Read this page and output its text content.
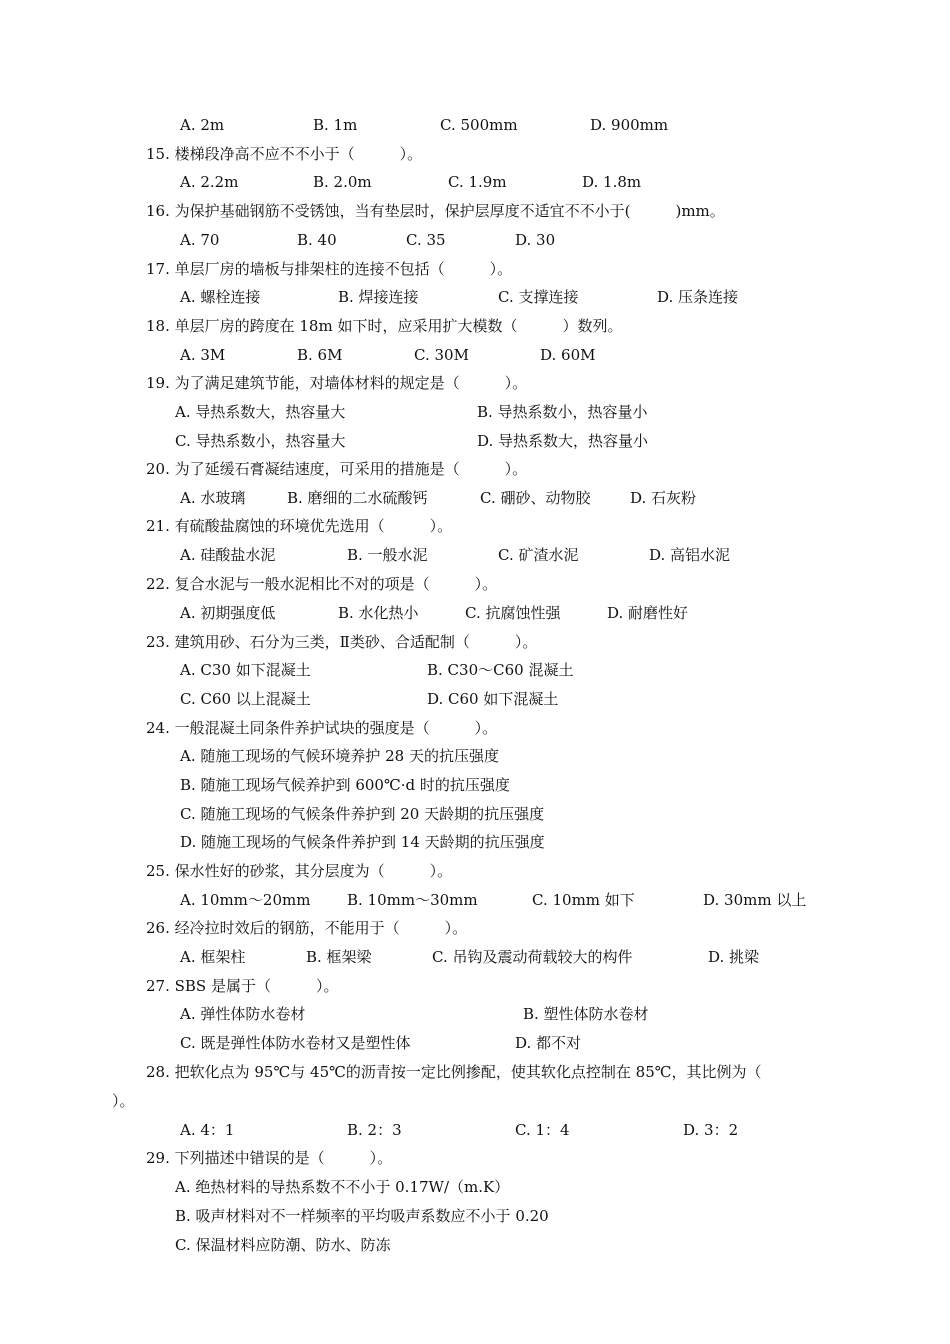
A. 2m	B. 1m	C. 500mm	D. 900mm
15. 楼梯段净高不应不不小于（　　　）。
A. 2.2m	B. 2.0m	C. 1.9m	D. 1.8m
16. 为保护基础钢筋不受锈蚀，当有垫层时，保护层厚度不适宜不不小于(　　　)mm。
A. 70	B. 40	C. 35	D. 30
17. 单层厂房的墙板与排架柱的连接不包括（　　　）。
A. 螺栓连接	B. 焊接连接	C. 支撑连接	D. 压条连接
18. 单层厂房的跨度在 18m 如下时，应采用扩大模数（　　　）数列。
A. 3M	B. 6M	C. 30M	D. 60M
19. 为了满足建筑节能，对墙体材料的规定是（　　　）。
A. 导热系数大，热容量大	B. 导热系数小，热容量小
C. 导热系数小，热容量大	D. 导热系数大，热容量小
20. 为了延缓石膏凝结速度，可采用的措施是（　　　）。
A. 水玻璃	B. 磨细的二水硫酸钙	C. 硼砂、动物胶	D. 石灰粉
21. 有硫酸盐腐蚀的环境优先选用（　　　）。
A. 硅酸盐水泥	B. 一般水泥	C. 矿渣水泥	D. 高铝水泥
22. 复合水泥与一般水泥相比不对的项是（　　　）。
A. 初期强度低	B. 水化热小	C. 抗腐蚀性强	D. 耐磨性好
23. 建筑用砂、石分为三类，Ⅱ类砂、合适配制（　　　）。
A. C30 如下混凝土	B. C30～C60 混凝土
C. C60 以上混凝土	D. C60 如下混凝土
24. 一般混凝土同条件养护试块的强度是（　　　）。
A. 随施工现场的气候环境养护 28 天的抗压强度
B. 随施工现场气候养护到 600℃·d 时的抗压强度
C. 随施工现场的气候条件养护到 20 天龄期的抗压强度
D. 随施工现场的气候条件养护到 14 天龄期的抗压强度
25. 保水性好的砂浆，其分层度为（　　　）。
A. 10mm～20mm B. 10mm～30mm	C. 10mm 如下	D. 30mm 以上
26. 经冷拉时效后的钢筋，不能用于（　　　）。
A. 框架柱	B. 框架梁	C. 吊钩及震动荷载较大的构件	D. 挑梁
27. SBS 是属于（　　　）。
A. 弹性体防水卷材	B. 塑性体防水卷材
C. 既是弹性体防水卷材又是塑性体	D. 都不对
28. 把软化点为 95℃与 45℃的沥青按一定比例掺配，使其软化点控制在 85℃，其比例为（
）。
A. 4：1	B. 2：3	C. 1：4	D. 3：2
29. 下列描述中错误的是（　　　）。
A. 绝热材料的导热系数不不小于 0.17W/（m.K）
B. 吸声材料对不一样频率的平均吸声系数应不小于 0.20
C. 保温材料应防潮、防水、防冻
